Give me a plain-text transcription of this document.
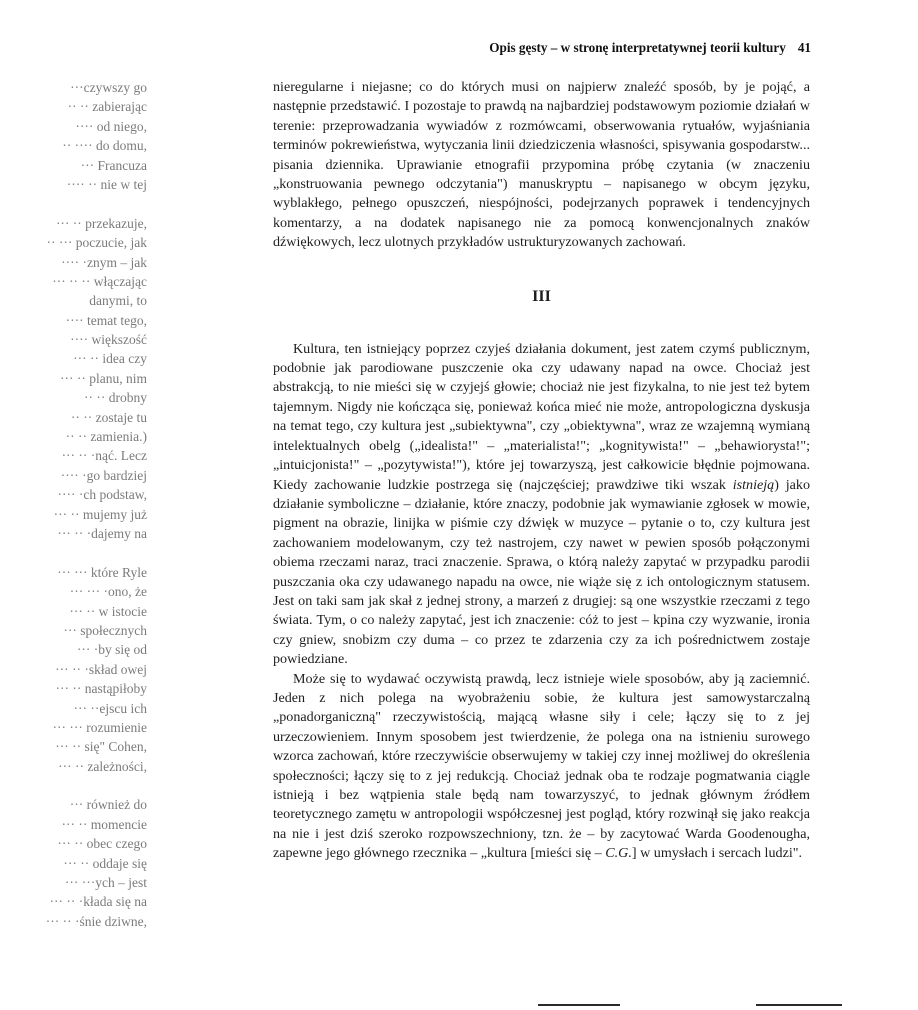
Opis gęsty – w stronę interpretatywnej teorii kultury 41
···czywszy go
·· ·· zabierając
···· od niego,
·· ···· do domu,
··· Francuza
···· ·· nie w tej
··· ·· przekazuje,
·· ··· poczucie, jak
···· ·znym – jak
··· ·· ·· włączając
danymi, to
···· temat tego,
···· większość
··· ·· idea czy
··· ·· planu, nim
·· ·· drobny
·· ·· zostaje tu
·· ·· zamienia.)
··· ·· ·nąć. Lecz
···· ·go bardziej
···· ·ch podstaw,
··· ·· mujemy już
··· ·· ·dajemy na
··· ··· które Ryle
··· ··· ·ono, że
··· ·· w istocie
··· społecznych
··· ·by się od
··· ·· ·skład owej
··· ·· nastąpiłoby
··· ··ejscu ich
··· ··· rozumienie
··· ·· się" Cohen,
··· ·· zależności,
··· również do
··· ·· momencie
··· ·· obec czego
··· ·· oddaje się
··· ···ych – jest
··· ·· ·kłada się na
··· ·· ·śnie dziwne,

nieregularne i niejasne; co do których musi on najpierw znaleźć sposób, by je pojąć, a następnie przedstawić. I pozostaje to prawdą na najbardziej podstawowym poziomie działań w terenie: przeprowadzania wywiadów z rozmówcami, obserwowania rytuałów, wyjaśniania terminów pokrewieństwa, wytyczania linii dziedziczenia własności, spisywania gospodarstw... pisania dziennika. Uprawianie etnografii przypomina próbę czytania (w znaczeniu „konstruowania pewnego odczytania") manuskryptu – napisanego w obcym języku, wyblakłego, pełnego opuszczeń, niespójności, podejrzanych poprawek i tendencyjnych komentarzy, a na dodatek napisanego nie za pomocą konwencjonalnych znaków dźwiękowych, lecz ulotnych przykładów ustrukturyzowanych zachowań.

III

Kultura, ten istniejący poprzez czyjeś działania dokument, jest zatem czymś publicznym, podobnie jak parodiowane puszczenie oka czy udawany napad na owce. Chociaż jest abstrakcją, to nie mieści się w czyjejś głowie; chociaż nie jest fizykalna, to nie jest też bytem tajemnym. Nigdy nie kończąca się, ponieważ końca mieć nie może, antropologiczna dyskusja na temat tego, czy kultura jest „subiektywna", czy „obiektywna", wraz ze wzajemną wymianą intelektualnych obelg („idealista!" – „materialista!"; „kognitywista!" – „behawiorysta!"; „intuicjonista!" – „pozytywista!"), które jej towarzyszą, jest całkowicie błędnie pojmowana. Kiedy zachowanie ludzkie postrzega się (najczęściej; prawdziwe tiki wszak istnieją) jako działanie symboliczne – działanie, które znaczy, podobnie jak wymawianie zgłosek w mowie, pigment na obrazie, linijka w piśmie czy dźwięk w muzyce – pytanie o to, czy kultura jest zachowaniem modelowanym, czy też nastrojem, czy nawet w pewien sposób połączonymi obiema rzeczami naraz, traci znaczenie. Sprawa, o którą należy zapytać w przypadku parodii puszczania oka czy udawanego napadu na owce, nie wiąże się z ich ontologicznym statusem. Jest on taki sam jak skał z jednej strony, a marzeń z drugiej: są one wszystkie rzeczami z tego świata. Tym, o co należy zapytać, jest ich znaczenie: cóż to jest – kpina czy wyzwanie, ironia czy gniew, snobizm czy duma – co przez te zdarzenia czy za ich pośrednictwem zostaje powiedziane.

Może się to wydawać oczywistą prawdą, lecz istnieje wiele sposobów, aby ją zaciemnić. Jeden z nich polega na wyobrażeniu sobie, że kultura jest samowystarczalną „ponadorganiczną" rzeczywistością, mającą własne siły i cele; łączy się to z jej urzeczowieniem. Innym sposobem jest twierdzenie, że polega ona na istnieniu surowego wzorca zachowań, które rzeczywiście obserwujemy w takiej czy innej możliwej do określenia społeczności; łączy się to z jej redukcją. Chociaż jednak oba te rodzaje pogmatwania ciągle istnieją i bez wątpienia stale będą nam towarzyszyć, to jednak głównym źródłem teoretycznego zamętu w antropologii współczesnej jest pogląd, który rozwinął się jako reakcja na nie i jest dziś szeroko rozpowszechniony, tzn. że – by zacytować Warda Goodenougha, zapewne jego głównego rzecznika – „kultura [mieści się – C.G.] w umysłach i sercach ludzi".
